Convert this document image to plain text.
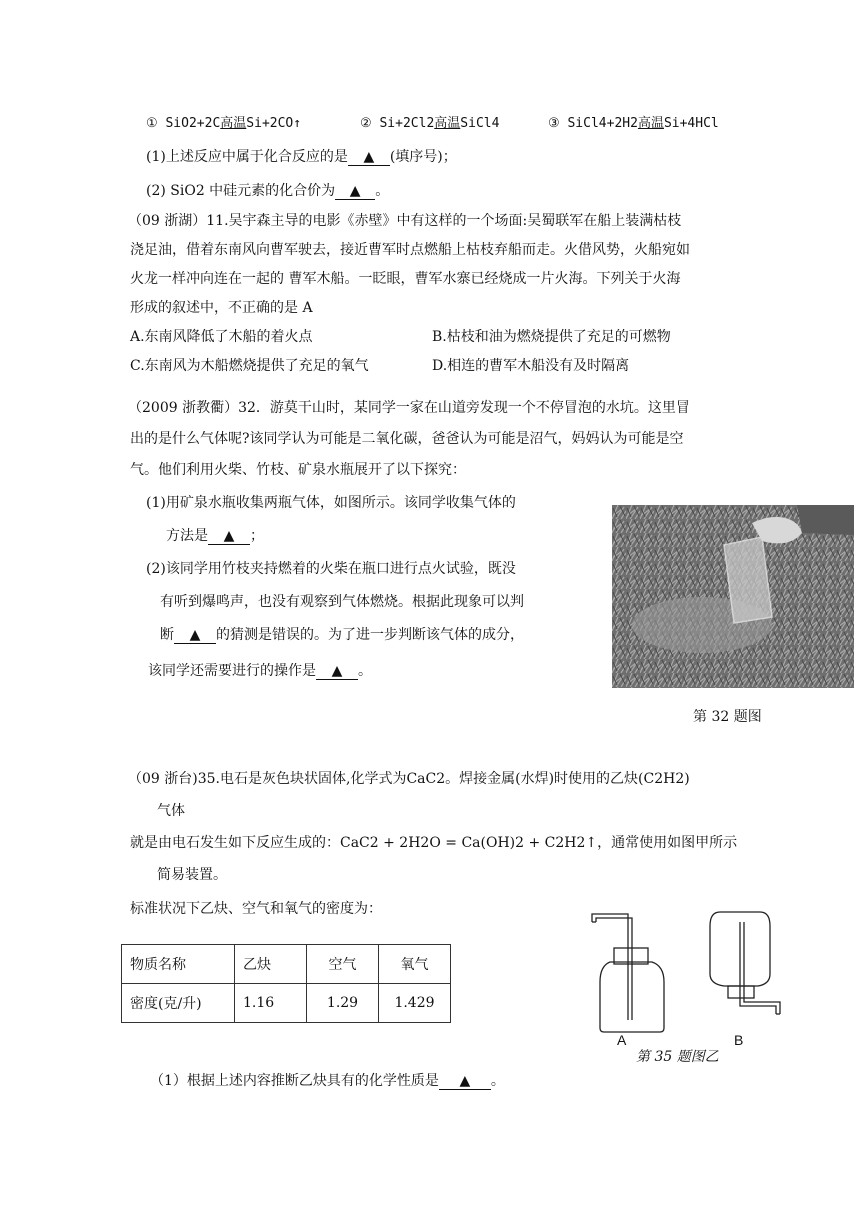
① SiO2+2C高温Si+2CO↑	② Si+2Cl2高温SiCl4	③ SiCl4+2H2高温Si+4HCl
(1)上述反应中属于化合反应的是 ▲ (填序号)；
(2) SiO2 中硅元素的化合价为 ▲ 。
（09 浙湖）11.吴宇森主导的电影《赤壁》中有这样的一个场面:吴蜀联军在船上装满枯枝
浇足油，借着东南风向曹军驶去，接近曹军时点燃船上枯枝弃船而走。火借风势，火船宛如
火龙一样冲向连在一起的 曹军木船。一眨眼，曹军水寨已经烧成一片火海。下列关于火海
形成的叙述中，不正确的是 A
A.东南风降低了木船的着火点	B.枯枝和油为燃烧提供了充足的可燃物
C.东南风为木船燃烧提供了充足的氧气	D.相连的曹军木船没有及时隔离
（2009 浙教衢）32．游莫干山时，某同学一家在山道旁发现一个不停冒泡的水坑。这里冒
出的是什么气体呢?该同学认为可能是二氧化碳，爸爸认为可能是沼气，妈妈认为可能是空
气。他们利用火柴、竹枝、矿泉水瓶展开了以下探究：
(1)用矿泉水瓶收集两瓶气体，如图所示。该同学收集气体的
方法是 ▲ ；
(2)该同学用竹枝夹持燃着的火柴在瓶口进行点火试验，既没
有听到爆鸣声，也没有观察到气体燃烧。根据此现象可以判
断 ▲ 的猜测是错误的。为了进一步判断该气体的成分，
该同学还需要进行的操作是 ▲ 。
第 32 题图
（09 浙台)35.电石是灰色块状固体,化学式为CaC2。焊接金属(水焊)时使用的乙炔(C2H2)
气体
就是由电石发生如下反应生成的：CaC2 + 2H2O = Ca(OH)2 + C2H2↑，通常使用如图甲所示
简易装置。
标准状况下乙炔、空气和氧气的密度为：
物质名称	乙炔	空气	氧气
密度(克/升)	1.16	1.29	1.429
A	B
第 35 题图乙
（1）根据上述内容推断乙炔具有的化学性质是 ▲ 。
